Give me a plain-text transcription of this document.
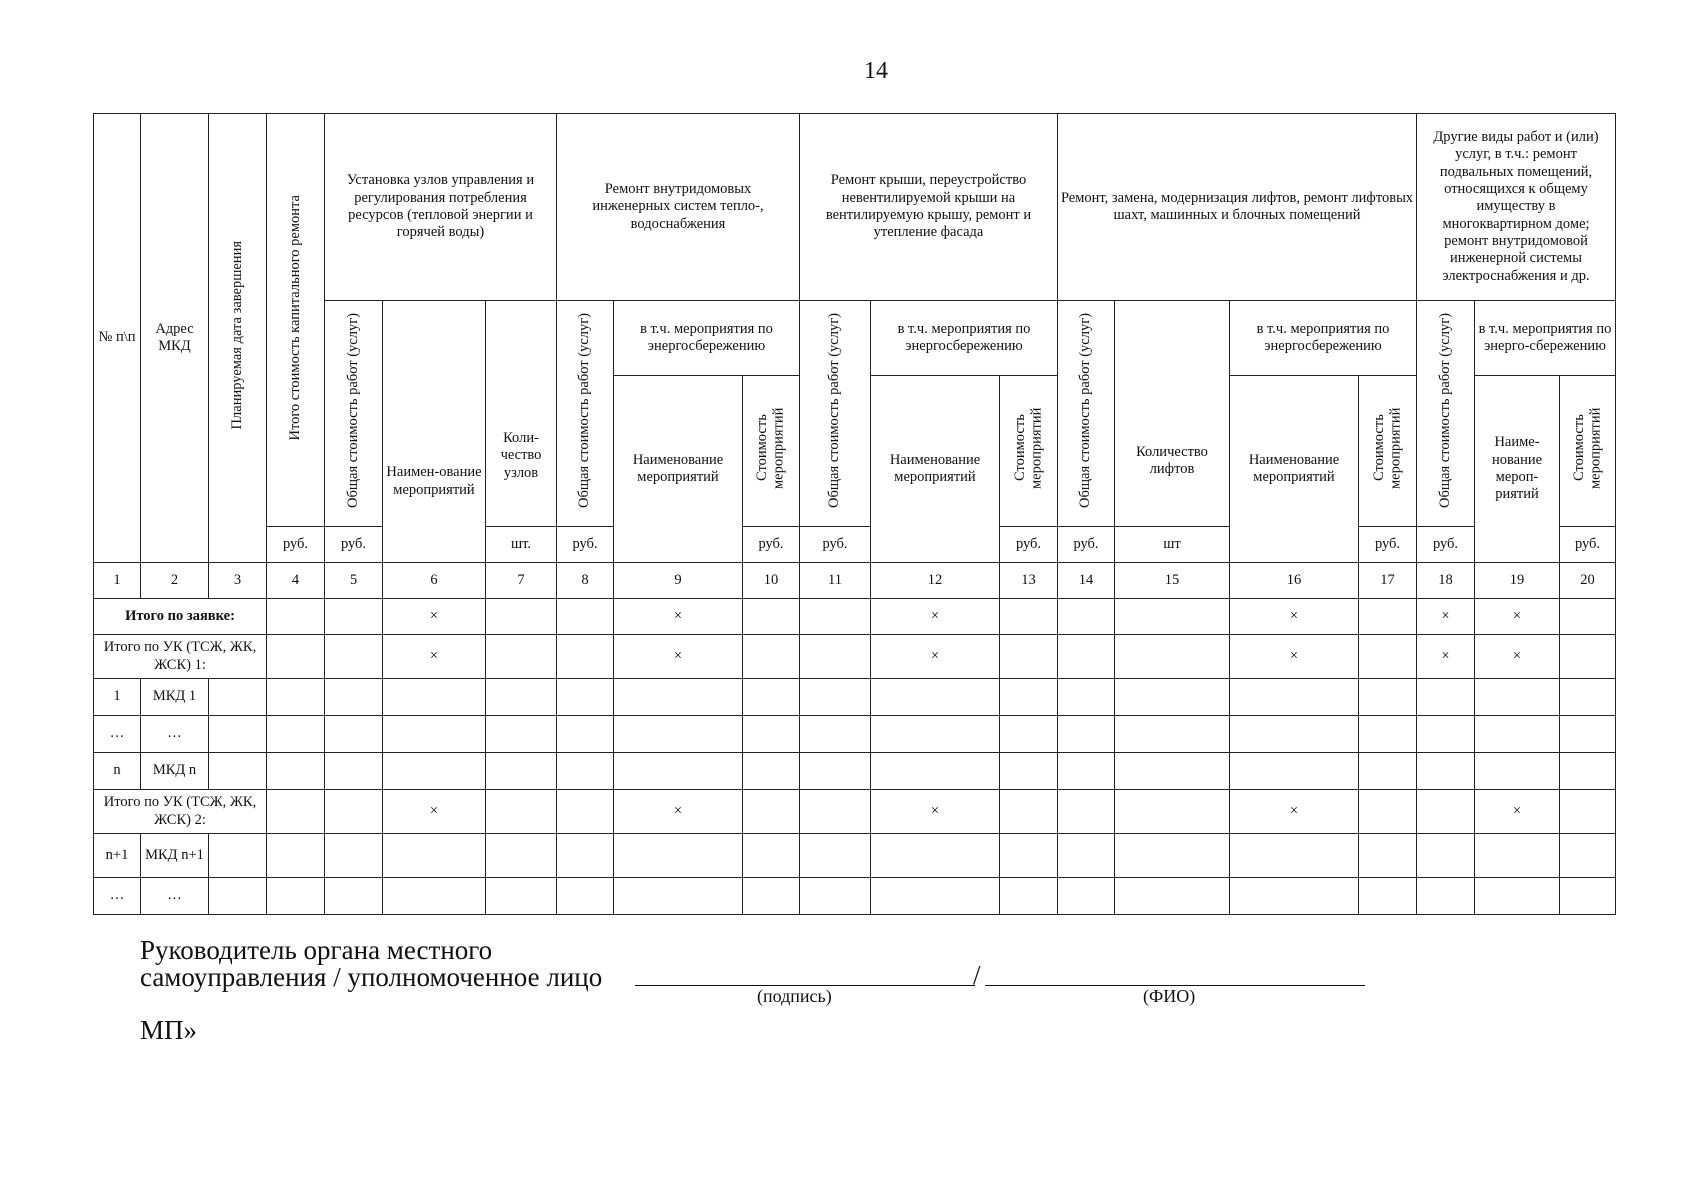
14
№ п\п	Адрес МКД	Планируемая дата завершения	Итого стоимость капитального ремонта	Установка узлов управления и регулирования потребления ресурсов (тепловой энергии и горячей воды)			Ремонт внутридомовых инженерных систем тепло-, водоснабжения			Ремонт крыши, переустройство невентилируемой крыши на вентилируемую крышу, ремонт и утепление фасада			Ремонт, замена, модернизация лифтов, ремонт лифтовых шахт, машинных и блочных помещений				Другие виды работ и (или) услуг, в т.ч.: ремонт подвальных помещений, относящихся к общему имуществу в многоквартирном доме; ремонт внутридомовой инженерной системы электроснабжения и др.		
				Общая стоимость работ (услуг)	Наимен-ование мероприятий	Коли-чество узлов	Общая стоимость работ (услуг)	в т.ч. мероприятия по энергосбережению		Общая стоимость работ (услуг)	в т.ч. мероприятия по энергосбережению		Общая стоимость работ (услуг)	Количество лифтов	в т.ч. мероприятия по энергосбережению		Общая стоимость работ (услуг)	в т.ч. мероприятия по энерго-сбережению	
								Наименование мероприятий	Стоимость мероприятий		Наименование мероприятий	Стоимость мероприятий			Наименование мероприятий	Стоимость мероприятий		Наиме-нование мероп-риятий	Стоимость мероприятий
			руб.	руб.		шт.	руб.		руб.	руб.		руб.	руб.	шт		руб.	руб.		руб.
1	2	3	4	5	6	7	8	9	10	11	12	13	14	15	16	17	18	19	20
Итого по заявке:					×			×			×				×		×	×	
Итого по УК (ТСЖ, ЖК, ЖСК) 1:					×			×			×				×		×	×	
1	МКД 1																		
…	…																		
n	МКД n																		
Итого по УК (ТСЖ, ЖК, ЖСК) 2:					×			×			×				×			×	
n+1	МКД n+1																		
…	…																		
Руководитель органа местного
самоуправления / уполномоченное лицо	/
(подпись)	(ФИО)
МП»
